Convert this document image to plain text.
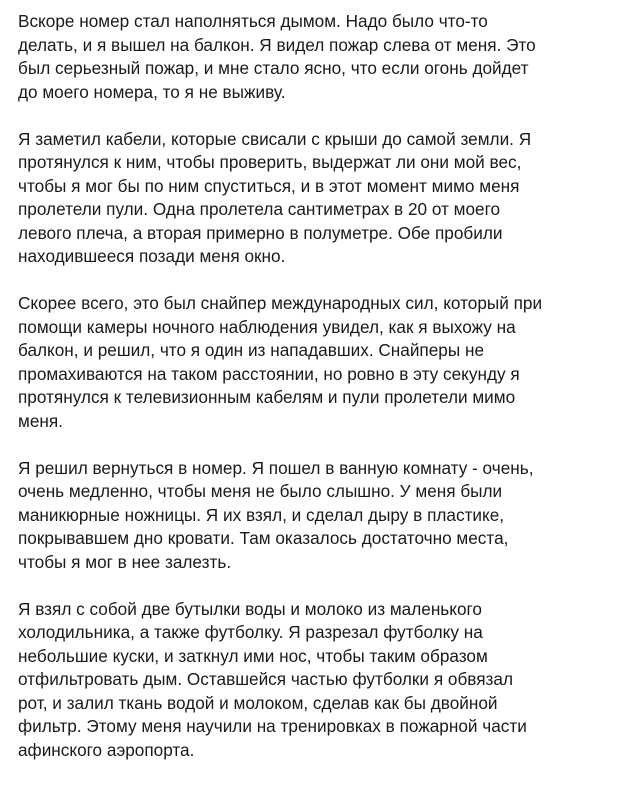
Вскоре номер стал наполняться дымом. Надо было что-то
делать, и я вышел на балкон. Я видел пожар слева от меня. Это
был серьезный пожар, и мне стало ясно, что если огонь дойдет
до моего номера, то я не выживу.

Я заметил кабели, которые свисали с крыши до самой земли. Я
протянулся к ним, чтобы проверить, выдержат ли они мой вес,
чтобы я мог бы по ним спуститься, и в этот момент мимо меня
пролетели пули. Одна пролетела сантиметрах в 20 от моего
левого плеча, а вторая примерно в полуметре. Обе пробили
находившееся позади меня окно.

Скорее всего, это был снайпер международных сил, который при
помощи камеры ночного наблюдения увидел, как я выхожу на
балкон, и решил, что я один из нападавших. Снайперы не
промахиваются на таком расстоянии, но ровно в эту секунду я
протянулся к телевизионным кабелям и пули пролетели мимо
меня.

Я решил вернуться в номер. Я пошел в ванную комнату - очень,
очень медленно, чтобы меня не было слышно. У меня были
маникюрные ножницы. Я их взял, и сделал дыру в пластике,
покрывавшем дно кровати. Там оказалось достаточно места,
чтобы я мог в нее залезть.

Я взял с собой две бутылки воды и молоко из маленького
холодильника, а также футболку. Я разрезал футболку на
небольшие куски, и заткнул ими нос, чтобы таким образом
отфильтровать дым. Оставшейся частью футболки я обвязал
рот, и залил ткань водой и молоком, сделав как бы двойной
фильтр. Этому меня научили на тренировках в пожарной части
афинского аэропорта.
